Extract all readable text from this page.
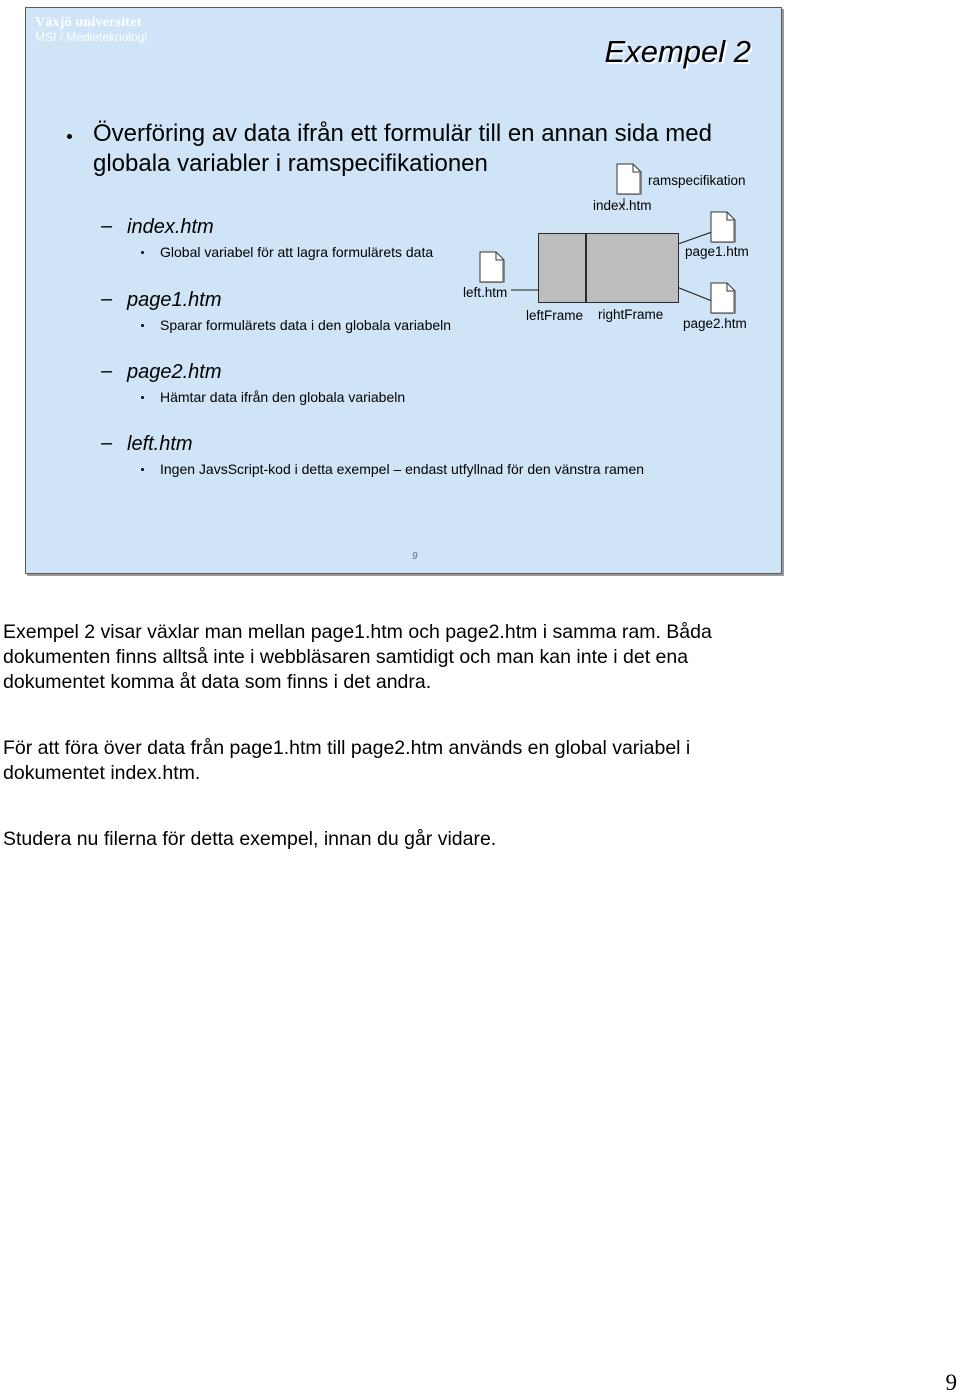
Växjö universitet
MSI / Medieteknologi	Exempel 2
Överföring av data ifrån ett formulär till en annan sida med
globala variabler i ramspecifikationen
– index.htm
Global variabel för att lagra formulärets data
– page1.htm
Sparar formulärets data i den globala variabeln
– page2.htm
Hämtar data ifrån den globala variabeln
– left.htm
Ingen JavsScript-kod i detta exempel – endast utfyllnad för den vänstra ramen
ramspecifikation
index.htm
left.htm
page1.htm
page2.htm
leftFrame rightFrame
9
Exempel 2 visar växlar man mellan page1.htm och page2.htm i samma ram. Båda dokumenten finns alltså inte i webbläsaren samtidigt och man kan inte i det ena dokumentet komma åt data som finns i det andra.
För att föra över data från page1.htm till page2.htm används en global variabel i dokumentet index.htm.
Studera nu filerna för detta exempel, innan du går vidare.
9
